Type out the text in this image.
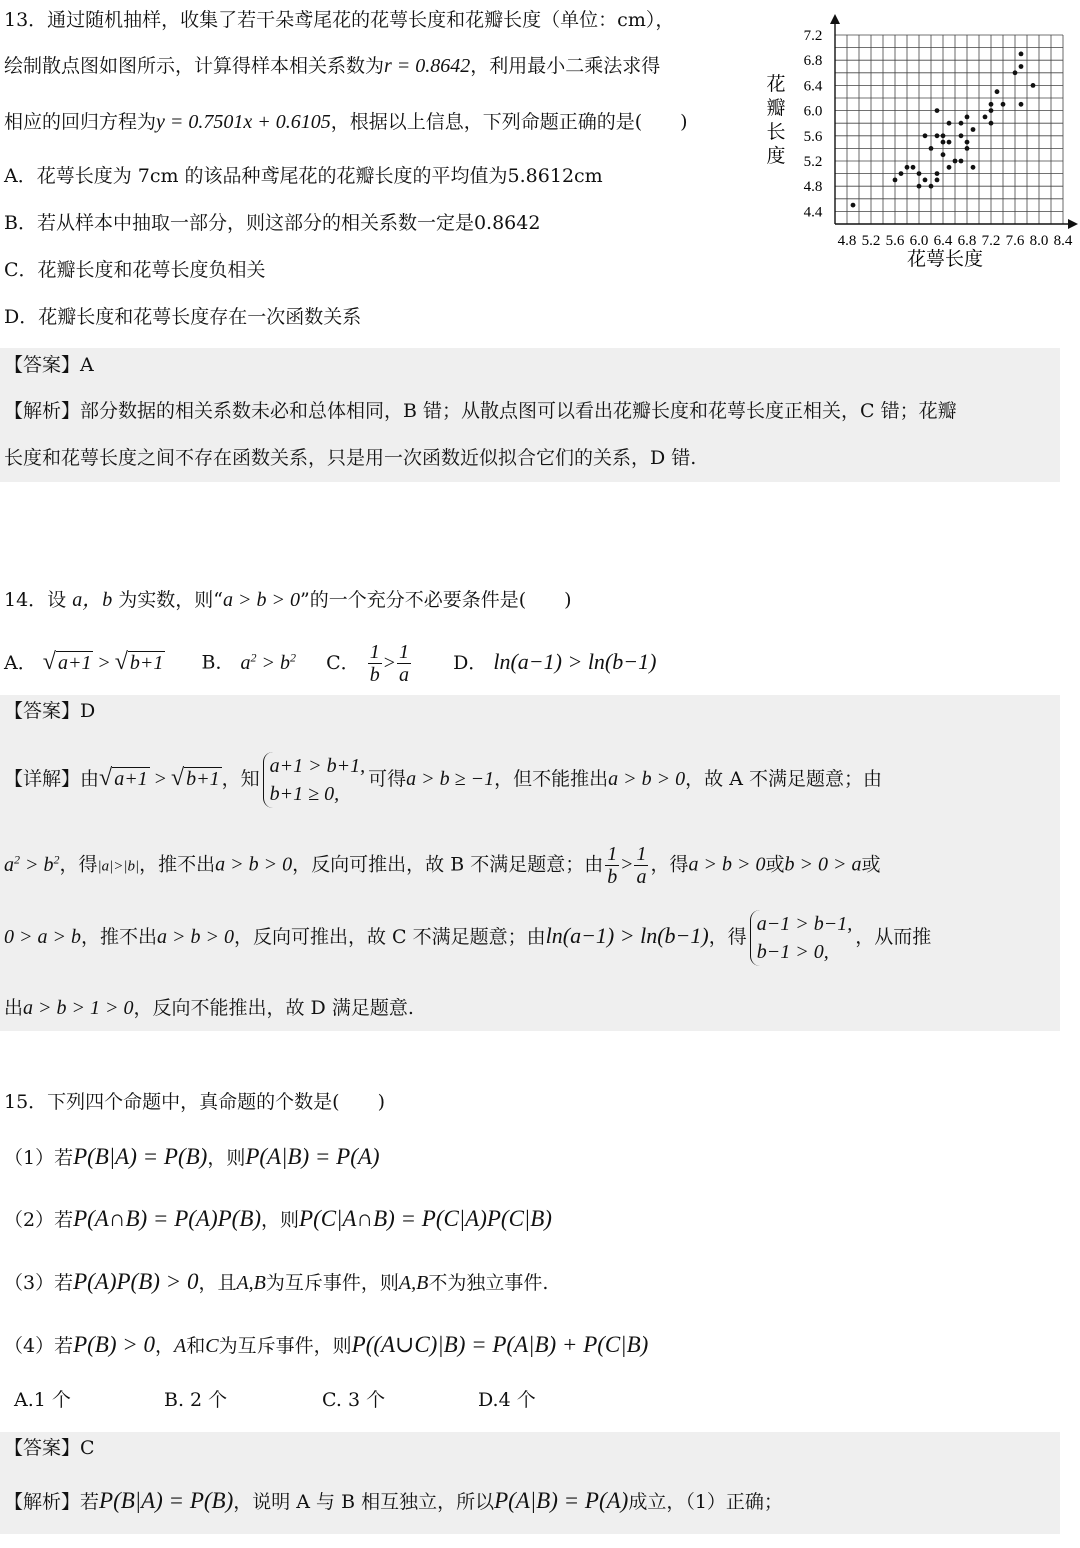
13．通过随机抽样，收集了若干朵鸢尾花的花萼长度和花瓣长度（单位：cm），
绘制散点图如图所示，计算得样本相关系数为r = 0.8642，利用最小二乘法求得
相应的回归方程为y = 0.7501x + 0.6105，根据以上信息，下列命题正确的是(　　)
A．花萼长度为 7cm 的该品种鸢尾花的花瓣长度的平均值为5.8612cm
B．若从样本中抽取一部分，则这部分的相关系数一定是0.8642
C．花瓣长度和花萼长度负相关
D．花瓣长度和花萼长度存在一次函数关系
【答案】A
【解析】部分数据的相关系数未必和总体相同，B 错；从散点图可以看出花瓣长度和花萼长度正相关，C 错；花瓣
长度和花萼长度之间不存在函数关系，只是用一次函数近似拟合它们的关系，D 错.
4.8 5.2 5.6 6.0 6.4 6.8 7.2 7.6 8.0 8.4
4.4
4.8
5.2
5.6
6.0
6.4
6.8
7.2
花萼长度
花
瓣
长
度
14．设 a，b 为实数，则“a > b > 0”的一个充分不必要条件是(　　)
A． √ a+1 > √ b+1 B． $a^2 > b^2$ C． $\frac{1}{b} > \frac{1}{a}$ D． ln(a−1) > ln(b−1)
【答案】D
【详解】由√ a+1 > √ b+1 ，知
a+1 > b+1,
b+1 ≥ 0,
可得a > b ≥ −1，但不能推出a > b > 0，故 A 不满足题意；由
$a^2 > b^2$，得|a|>|b|，推不出a > b > 0，反向可推出，故 B 不满足题意；由 $\frac{1}{b} > \frac{1}{a}$ ，得a > b > 0或b > 0 > a或
0 > a > b，推不出a > b > 0，反向可推出，故 C 不满足题意；由ln(a−1) > ln(b−1)，得
a−1 > b−1,
b−1 > 0,
，从而推
出a > b > 1 > 0，反向不能推出，故 D 满足题意.
15．下列四个命题中，真命题的个数是(　　)
（1）若P(B|A) = P(B)，则P(A|B) = P(A)
（2）若P(A∩B) = P(A)P(B)，则P(C|A∩B) = P(C|A)P(C|B)
（3）若P(A)P(B) > 0，且A,B为互斥事件，则A,B不为独立事件.
（4）若P(B) > 0，A和C为互斥事件，则P((A∪C)|B) = P(A|B) + P(C|B)
A.1 个	B. 2 个	C. 3 个	D.4 个
【答案】C
【解析】若P(B|A) = P(B)，说明 A 与 B 相互独立，所以P(A|B) = P(A)成立，（1）正确；
